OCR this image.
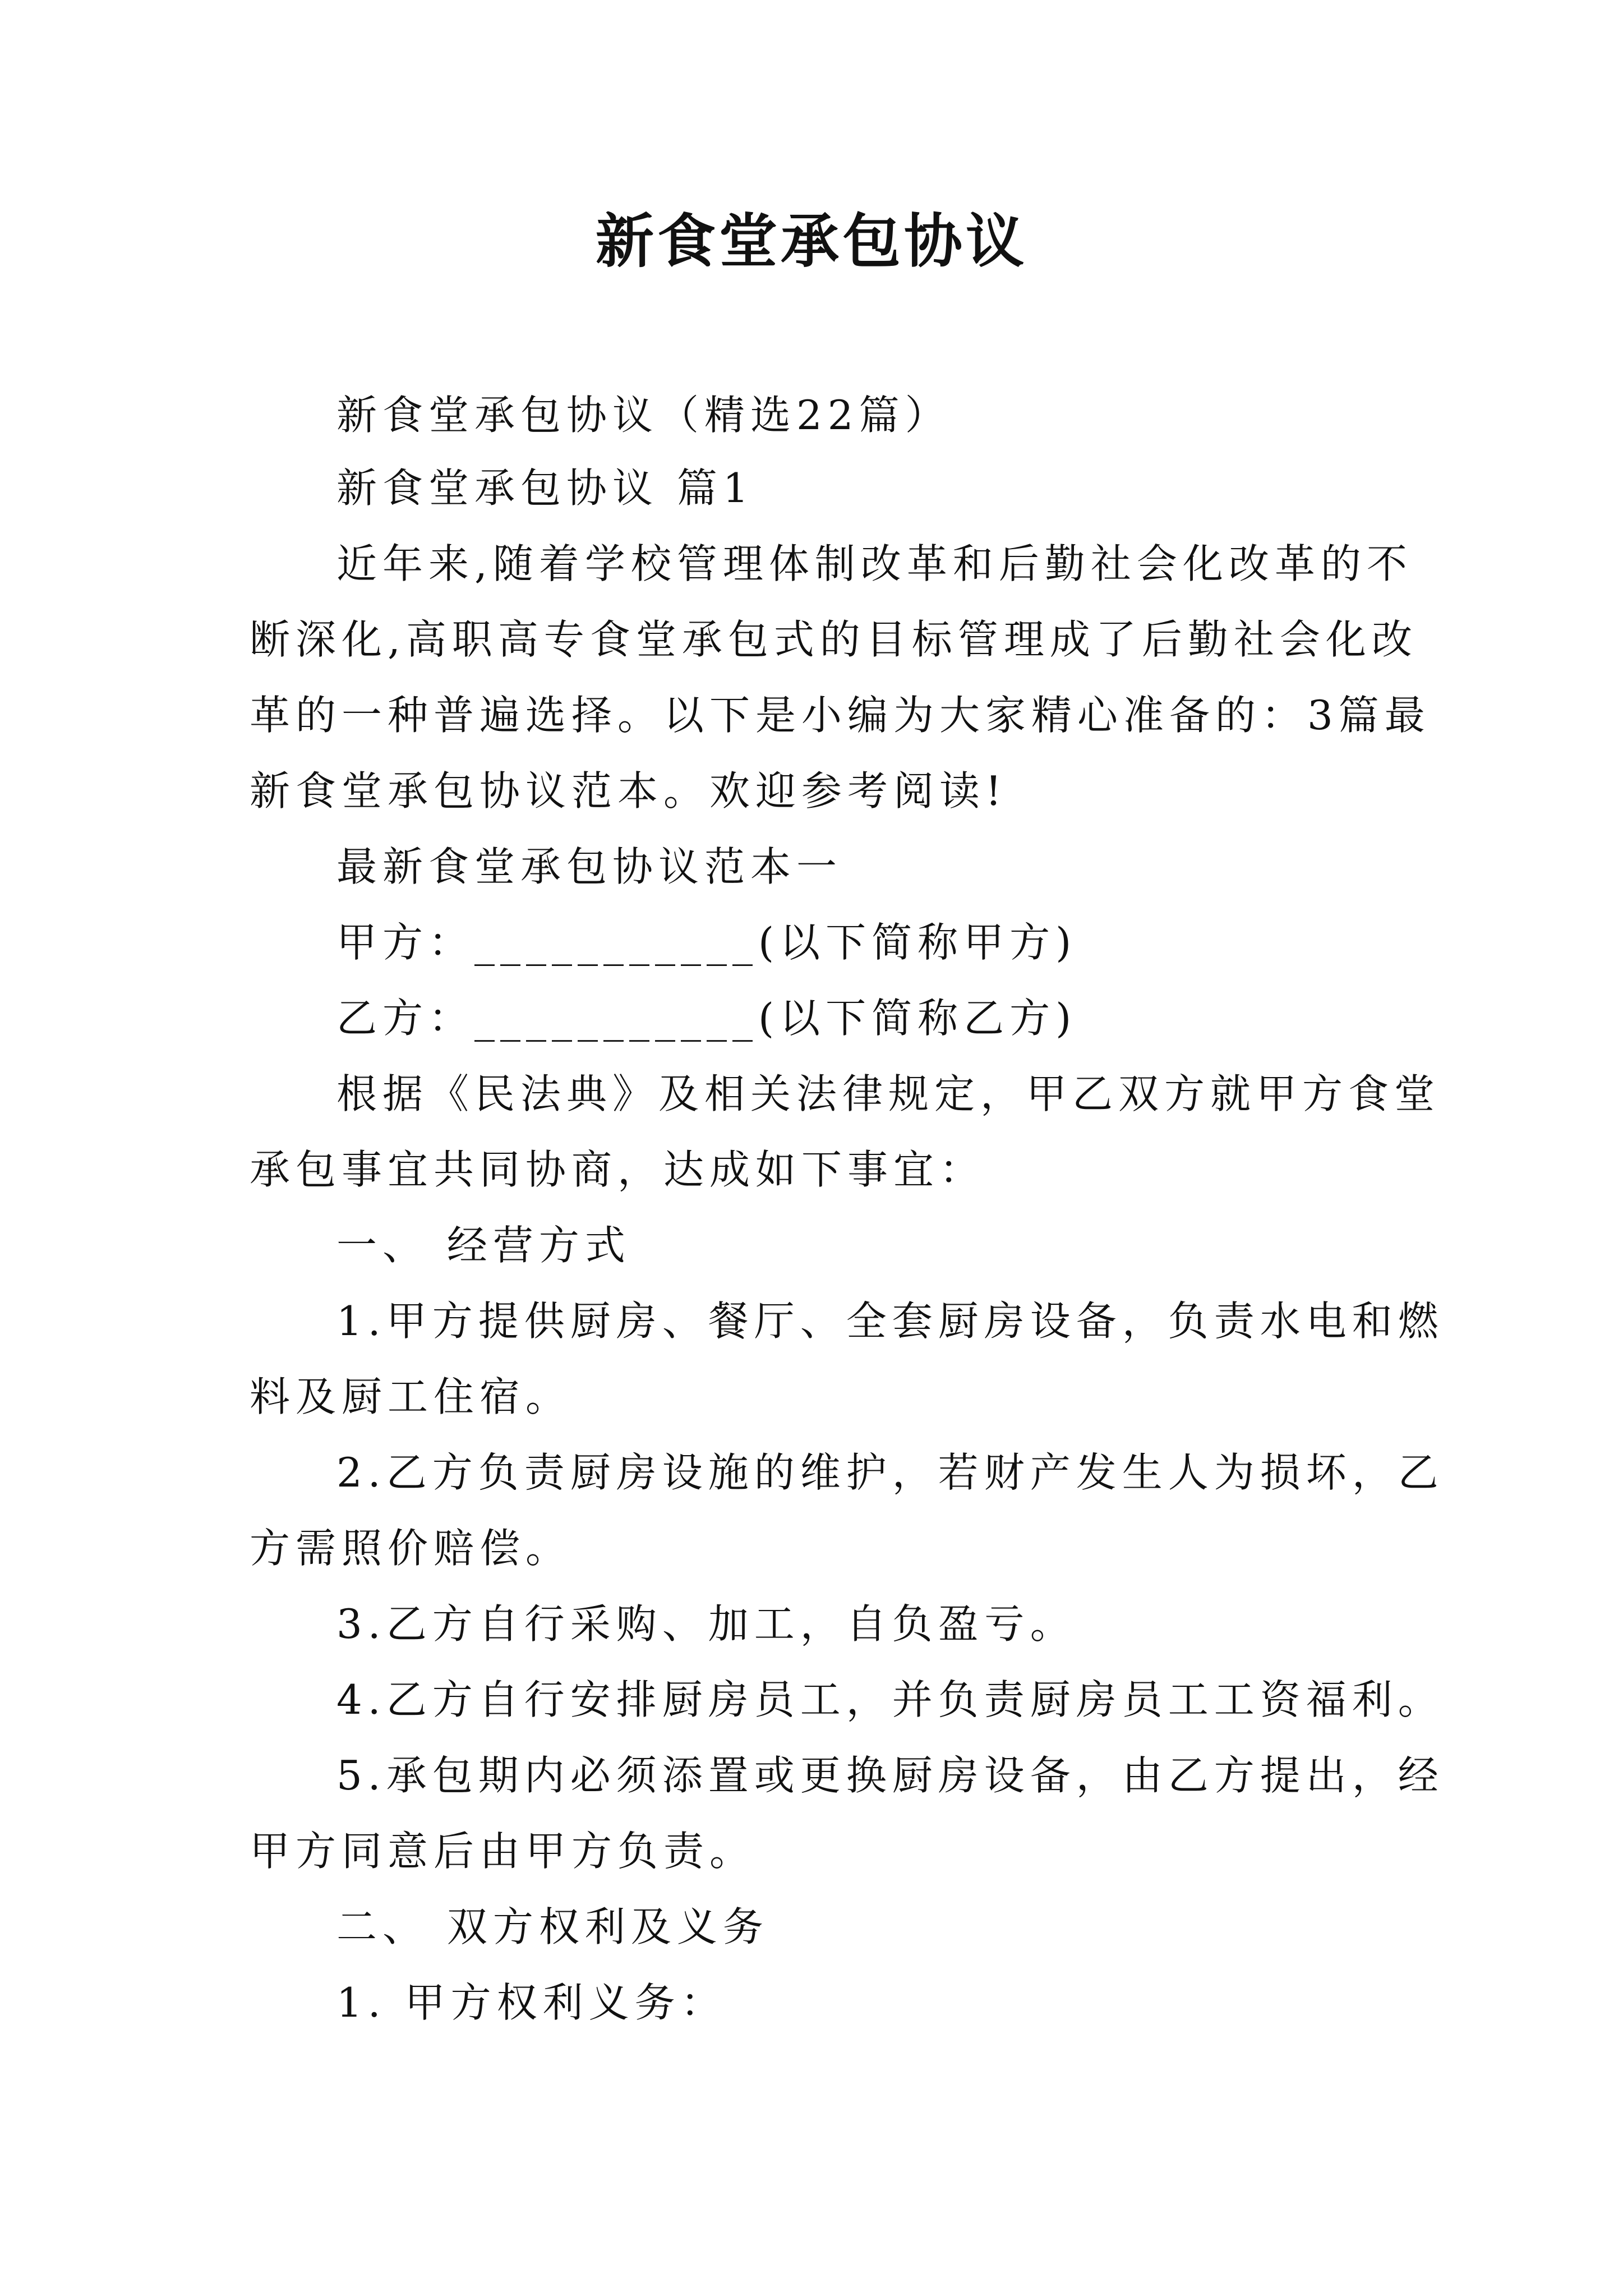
新食堂承包协议
新食堂承包协议（精选22篇）
新食堂承包协议 篇1
近年来,随着学校管理体制改革和后勤社会化改革的不
断深化,高职高专食堂承包式的目标管理成了后勤社会化改
革的一种普遍选择。以下是小编为大家精心准备的：3篇最
新食堂承包协议范本。欢迎参考阅读!
最新食堂承包协议范本一
甲方：___________(以下简称甲方)
乙方：___________(以下简称乙方)
根据《民法典》及相关法律规定，甲乙双方就甲方食堂
承包事宜共同协商，达成如下事宜：
一、 经营方式
1.甲方提供厨房、餐厅、全套厨房设备，负责水电和燃
料及厨工住宿。
2.乙方负责厨房设施的维护，若财产发生人为损坏，乙
方需照价赔偿。
3.乙方自行采购、加工，自负盈亏。
4.乙方自行安排厨房员工，并负责厨房员工工资福利。
5.承包期内必须添置或更换厨房设备，由乙方提出，经
甲方同意后由甲方负责。
二、 双方权利及义务
1. 甲方权利义务：
